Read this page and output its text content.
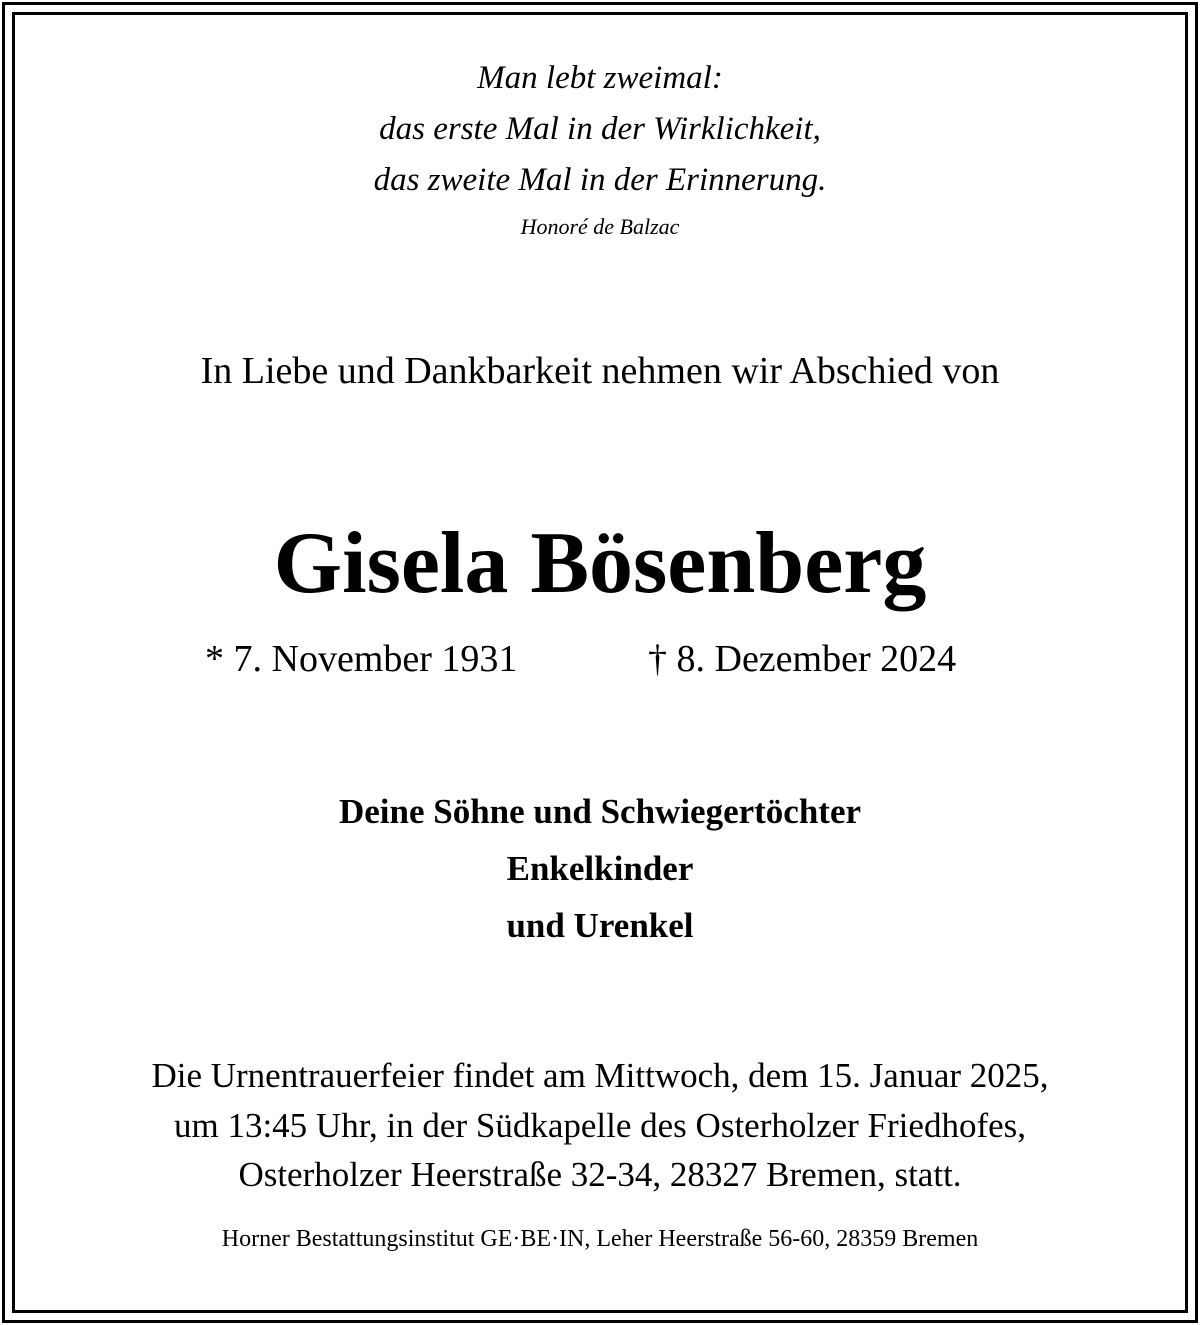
Man lebt zweimal:
das erste Mal in der Wirklichkeit,
das zweite Mal in der Erinnerung.
Honoré de Balzac
In Liebe und Dankbarkeit nehmen wir Abschied von
Gisela Bösenberg
* 7. November 1931	† 8. Dezember 2024
Deine Söhne und Schwiegertöchter
Enkelkinder
und Urenkel
Die Urnentrauerfeier findet am Mittwoch, dem 15. Januar 2025,
um 13:45 Uhr, in der Südkapelle des Osterholzer Friedhofes,
Osterholzer Heerstraße 32-34, 28327 Bremen, statt.
Horner Bestattungsinstitut GE·BE·IN, Leher Heerstraße 56-60, 28359 Bremen
